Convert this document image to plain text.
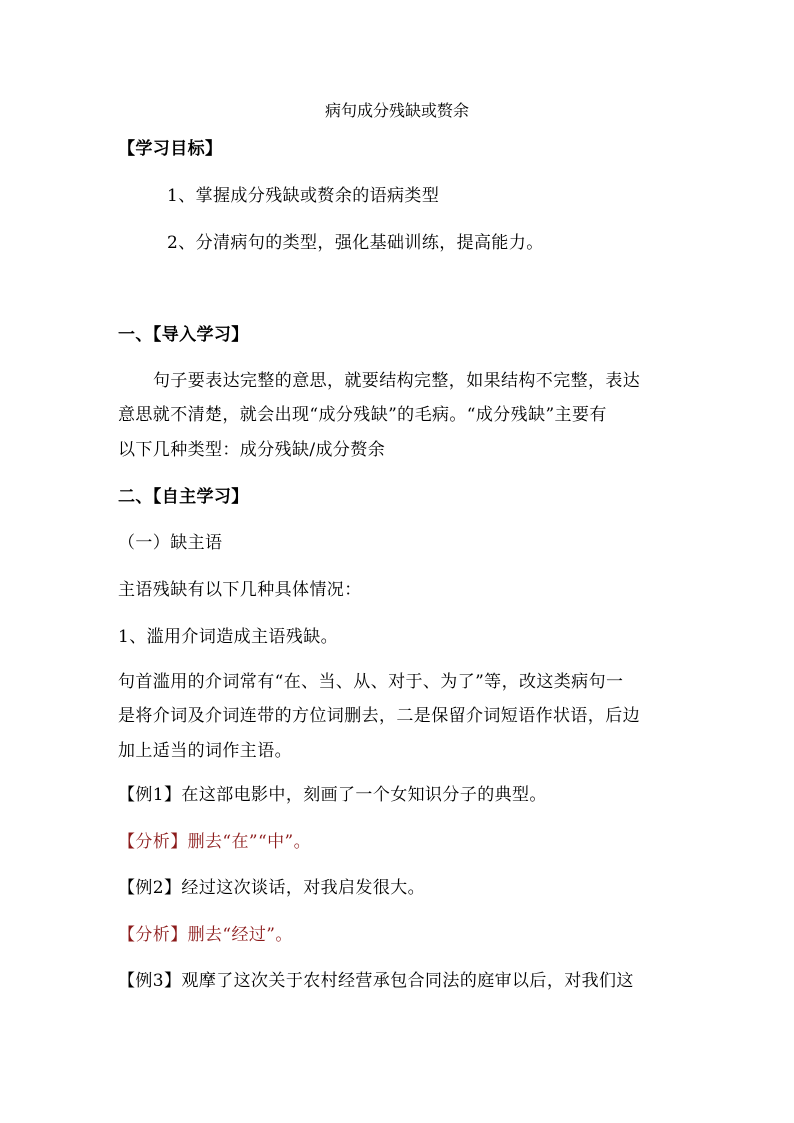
病句成分残缺或赘余
【学习目标】
1、掌握成分残缺或赘余的语病类型
2、分清病句的类型，强化基础训练，提高能力。
一、【导入学习】
句子要表达完整的意思，就要结构完整，如果结构不完整，表达
意思就不清楚，就会出现“成分残缺”的毛病。“成分残缺”主要有
以下几种类型：成分残缺/成分赘余
二、【自主学习】
（一）缺主语
主语残缺有以下几种具体情况：
1、滥用介词造成主语残缺。
句首滥用的介词常有“在、当、从、对于、为了”等，改这类病句一
是将介词及介词连带的方位词删去，二是保留介词短语作状语，后边
加上适当的词作主语。
【例1】在这部电影中，刻画了一个女知识分子的典型。
【分析】删去“在”“中”。
【例2】经过这次谈话，对我启发很大。
【分析】删去“经过”。
【例3】观摩了这次关于农村经营承包合同法的庭审以后，对我们这
